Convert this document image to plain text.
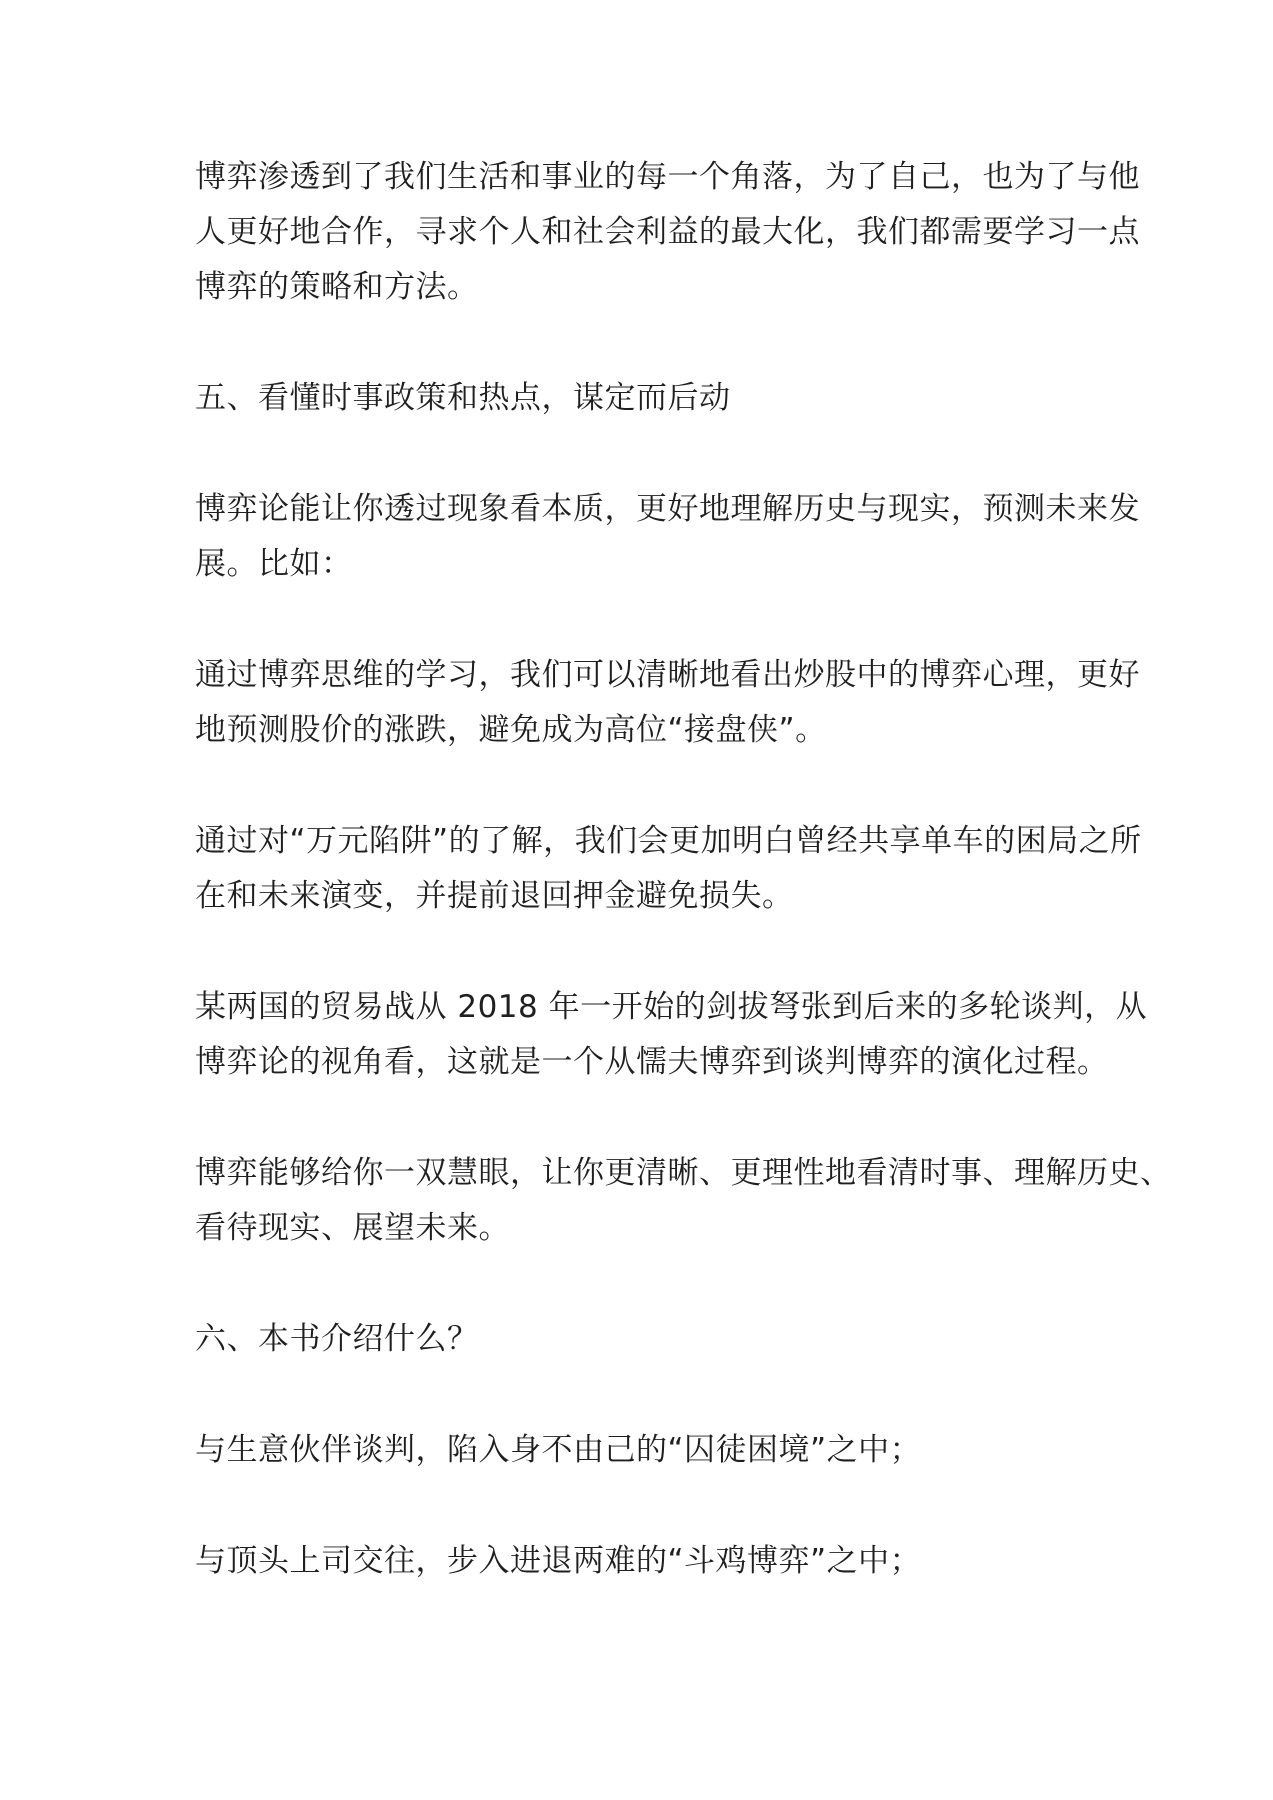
博弈渗透到了我们生活和事业的每一个角落，为了自己，也为了与他
人更好地合作，寻求个人和社会利益的最大化，我们都需要学习一点
博弈的策略和方法。

五、看懂时事政策和热点，谋定而后动

博弈论能让你透过现象看本质，更好地理解历史与现实，预测未来发
展。比如：

通过博弈思维的学习，我们可以清晰地看出炒股中的博弈心理，更好
地预测股价的涨跌，避免成为高位“接盘侠”。

通过对“万元陷阱”的了解，我们会更加明白曾经共享单车的困局之所
在和未来演变，并提前退回押金避免损失。

某两国的贸易战从 2018 年一开始的剑拔弩张到后来的多轮谈判，从
博弈论的视角看，这就是一个从懦夫博弈到谈判博弈的演化过程。

博弈能够给你一双慧眼，让你更清晰、更理性地看清时事、理解历史、
看待现实、展望未来。

六、本书介绍什么？

与生意伙伴谈判，陷入身不由己的“囚徒困境”之中；

与顶头上司交往，步入进退两难的“斗鸡博弈”之中；
